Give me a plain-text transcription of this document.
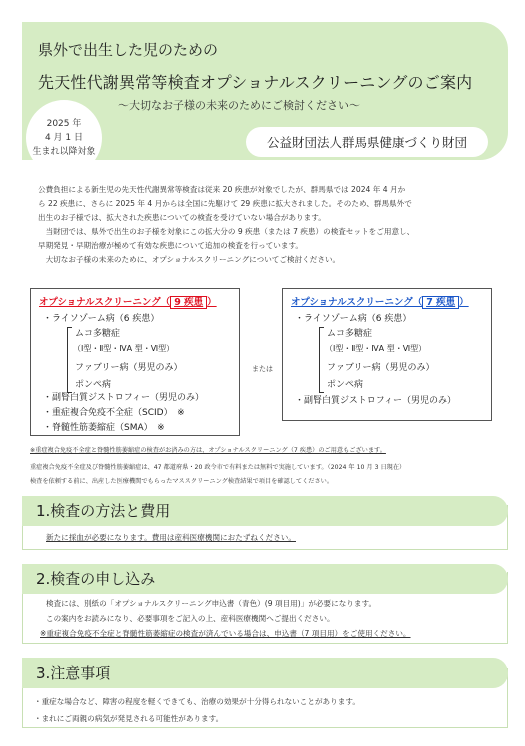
県外で出生した児のための
先天性代謝異常等検査オプショナルスクリーニングのご案内
～大切なお子様の未来のためにご検討ください～
2025 年
4 月 1 日
生まれ以降対象
公益財団法人群馬県健康づくり財団

公費負担による新生児の先天性代謝異常等検査は従来 20 疾患が対象でしたが、群馬県では 2024 年 4 月か

ら 22 疾患に、さらに 2025 年 4 月からは全国に先駆けて 29 疾患に拡大されました。そのため、群馬県外で

出生のお子様では、拡大された疾患についての検査を受けていない場合があります。

　当財団では、県外で出生のお子様を対象にこの拡大分の 9 疾患（または 7 疾患）の検査セットをご用意し、

早期発見・早期治療が極めて有効な疾患について追加の検査を行っています。

　大切なお子様の未来のために、オプショナルスクリーニングについてご検討ください。

オプショナルスクリーニング（ 9 疾患 ）
・ライソゾーム病（6 疾患）
ムコ多糖症
（Ⅰ型・Ⅱ型・ⅣA 型・Ⅵ型）
ファブリー病（男児のみ）
ポンペ病
・副腎白質ジストロフィー（男児のみ）
・重症複合免疫不全症（SCID）　※
・脊髄性筋萎縮症（SMA）　※
または
オプショナルスクリーニング（ 7 疾患 ）
・ライソゾーム病（6 疾患）
ムコ多糖症
（Ⅰ型・Ⅱ型・ⅣA 型・Ⅵ型）
ファブリー病（男児のみ）
ポンペ病
・副腎白質ジストロフィー（男児のみ）
※重症複合免疫不全症と脊髄性筋萎縮症の検査がお済みの方は、オプショナルスクリーニング（7 疾患）のご用意もございます。
重症複合免疫不全症及び脊髄性筋萎縮症は、47 都道府県・20 政令市で有料または無料で実施しています。（2024 年 10 月 3 日現在）
検査を依頼する前に、出産した医療機関でもらったマススクリーニング検査結果で項目を確認してください。
1.検査の方法と費用
新たに採血が必要になります。費用は産科医療機関におたずねください。
2.検査の申し込み
検査には、別紙の「オプショナルスクリーニング申込書（青色）(9 項目用)」が必要になります。
この案内をお読みになり、必要事項をご記入の上、産科医療機関へご提出ください。
※重症複合免疫不全症と脊髄性筋萎縮症の検査が済んでいる場合は、申込書（7 項目用）をご使用ください。
3.注意事項
・重症な場合など、障害の程度を軽くできても、治療の効果が十分得られないことがあります。
・まれにご両親の病気が発見される可能性があります。
